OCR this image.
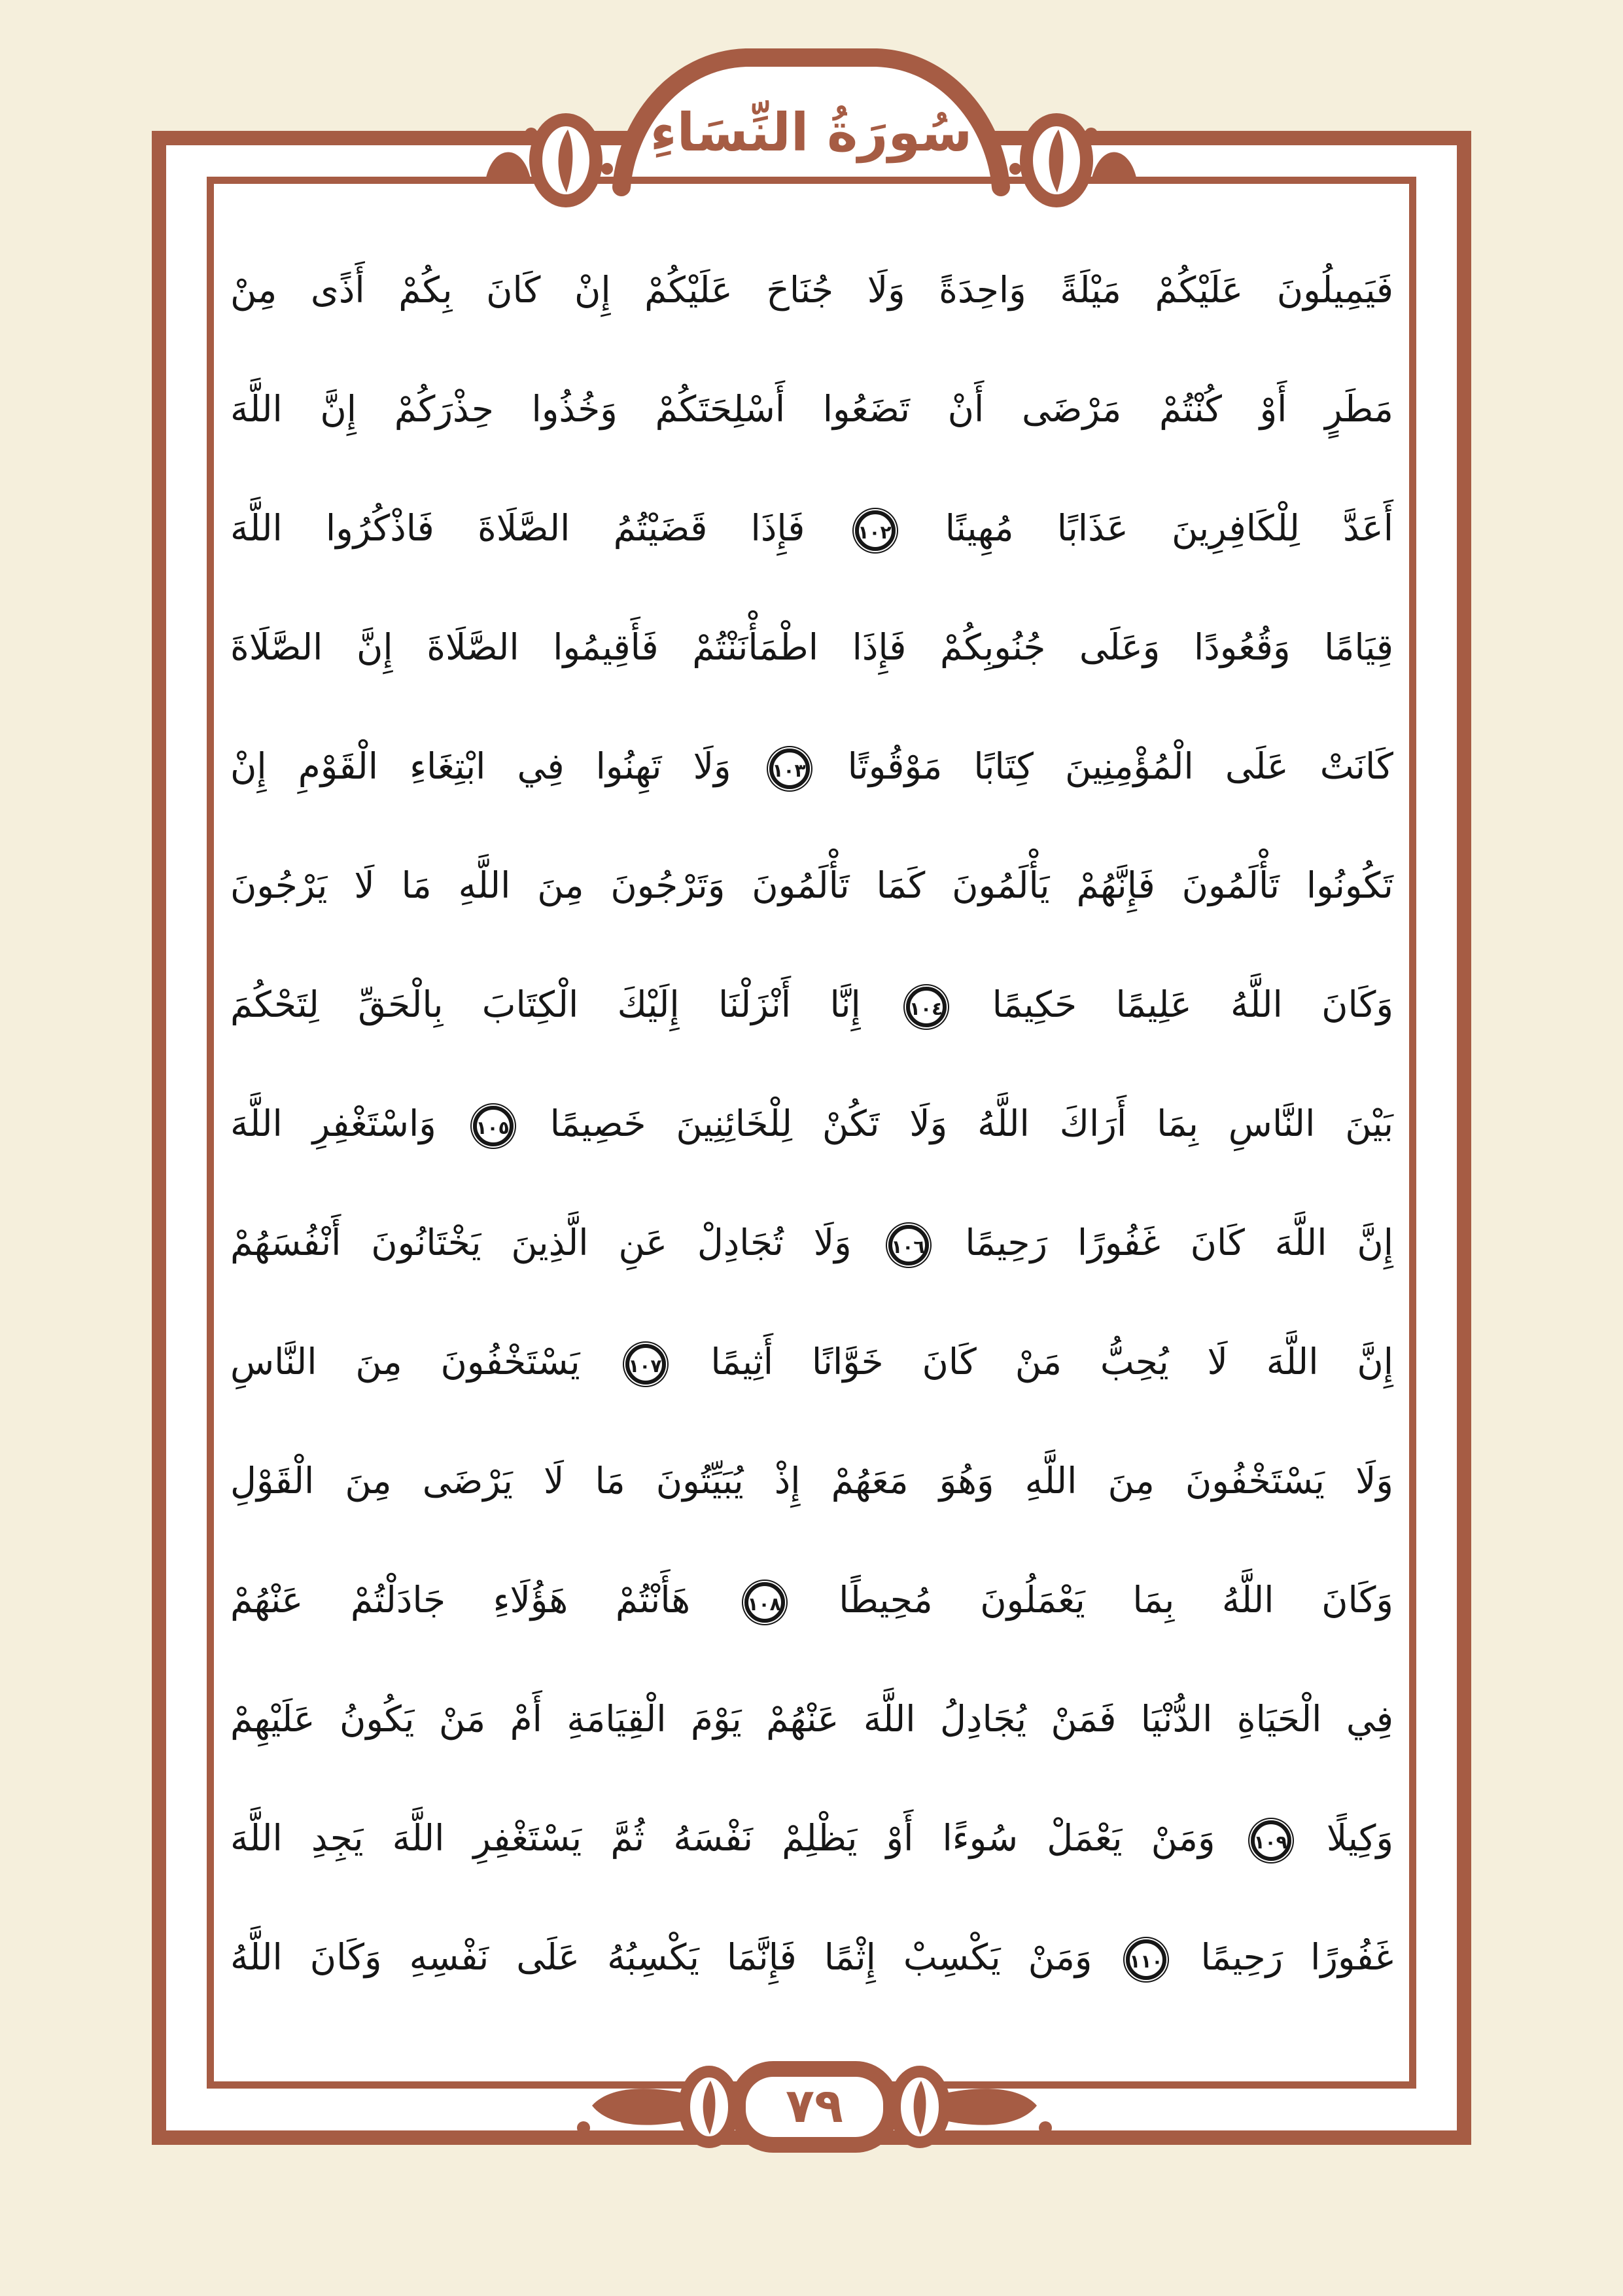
سُورَةُ النِّسَاءِ
فَيَمِيلُونَ عَلَيْكُمْ مَيْلَةً وَاحِدَةً وَلَا جُنَاحَ عَلَيْكُمْ إِنْ كَانَ بِكُمْ أَذًى مِنْ
مَطَرٍ أَوْ كُنْتُمْ مَرْضَى أَنْ تَضَعُوا أَسْلِحَتَكُمْ وَخُذُوا حِذْرَكُمْ إِنَّ اللَّهَ
أَعَدَّ لِلْكَافِرِينَ عَذَابًا مُهِينًا ١٠٢ فَإِذَا قَضَيْتُمُ الصَّلَاةَ فَاذْكُرُوا اللَّهَ
قِيَامًا وَقُعُودًا وَعَلَى جُنُوبِكُمْ فَإِذَا اطْمَأْنَنْتُمْ فَأَقِيمُوا الصَّلَاةَ إِنَّ الصَّلَاةَ
كَانَتْ عَلَى الْمُؤْمِنِينَ كِتَابًا مَوْقُوتًا ١٠٣ وَلَا تَهِنُوا فِي ابْتِغَاءِ الْقَوْمِ إِنْ
تَكُونُوا تَأْلَمُونَ فَإِنَّهُمْ يَأْلَمُونَ كَمَا تَأْلَمُونَ وَتَرْجُونَ مِنَ اللَّهِ مَا لَا يَرْجُونَ
وَكَانَ اللَّهُ عَلِيمًا حَكِيمًا ١٠٤ إِنَّا أَنْزَلْنَا إِلَيْكَ الْكِتَابَ بِالْحَقِّ لِتَحْكُمَ
بَيْنَ النَّاسِ بِمَا أَرَاكَ اللَّهُ وَلَا تَكُنْ لِلْخَائِنِينَ خَصِيمًا ١٠٥ وَاسْتَغْفِرِ اللَّهَ
إِنَّ اللَّهَ كَانَ غَفُورًا رَحِيمًا ١٠٦ وَلَا تُجَادِلْ عَنِ الَّذِينَ يَخْتَانُونَ أَنْفُسَهُمْ
إِنَّ اللَّهَ لَا يُحِبُّ مَنْ كَانَ خَوَّانًا أَثِيمًا ١٠٧ يَسْتَخْفُونَ مِنَ النَّاسِ
وَلَا يَسْتَخْفُونَ مِنَ اللَّهِ وَهُوَ مَعَهُمْ إِذْ يُبَيِّتُونَ مَا لَا يَرْضَى مِنَ الْقَوْلِ
وَكَانَ اللَّهُ بِمَا يَعْمَلُونَ مُحِيطًا ١٠٨ هَأَنْتُمْ هَؤُلَاءِ جَادَلْتُمْ عَنْهُمْ
فِي الْحَيَاةِ الدُّنْيَا فَمَنْ يُجَادِلُ اللَّهَ عَنْهُمْ يَوْمَ الْقِيَامَةِ أَمْ مَنْ يَكُونُ عَلَيْهِمْ
وَكِيلًا ١٠٩ وَمَنْ يَعْمَلْ سُوءًا أَوْ يَظْلِمْ نَفْسَهُ ثُمَّ يَسْتَغْفِرِ اللَّهَ يَجِدِ اللَّهَ
غَفُورًا رَحِيمًا ١١٠ وَمَنْ يَكْسِبْ إِثْمًا فَإِنَّمَا يَكْسِبُهُ عَلَى نَفْسِهِ وَكَانَ اللَّهُ
٧٩
